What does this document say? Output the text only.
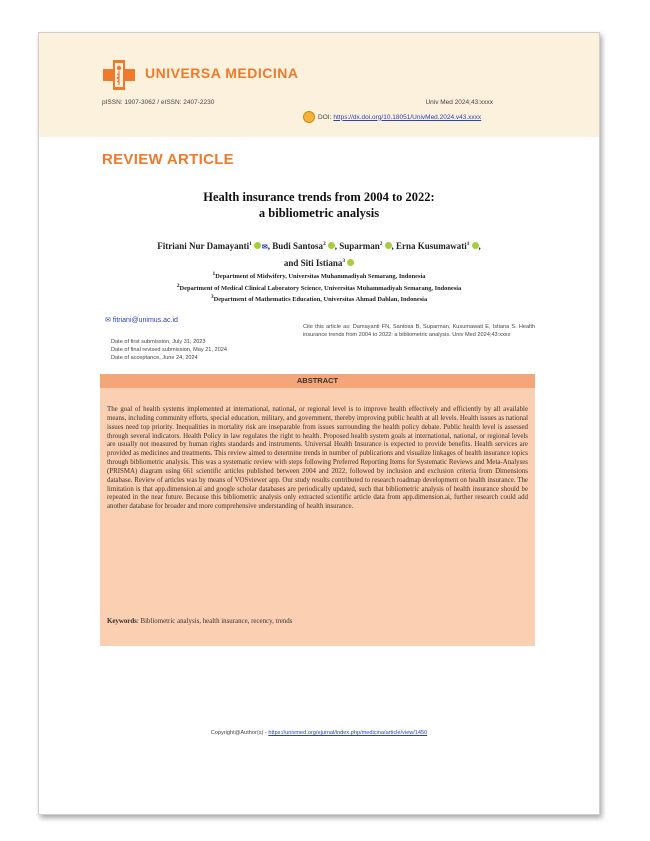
UNIVERSA MEDICINA
pISSN: 1907-3062 / eISSN: 2407-2230	Univ Med 2024;43:xxxx
DOI: https://dx.doi.org/10.18051/UnivMed.2024.v43.xxxx
REVIEW ARTICLE
Health insurance trends from 2004 to 2022:
a bibliometric analysis
Fitriani Nur Damayanti$^1$ ✉, Budi Santosa$^2$ , Suparman$^2$ , Erna Kusumawati$^1$ ,
and Siti Istiana$^3$
$^1$Department of Midwifery, Universitas Muhammadiyah Semarang, Indonesia
$^2$Department of Medical Clinical Laboratory Science, Universitas Muhammadiyah Semarang, Indonesia
$^3$Department of Mathematics Education, Universitas Ahmad Dahlan, Indonesia
✉ fitriani@unimus.ac.id
Date of first submission, July 31, 2023
Date of final revised submission, May 21, 2024
Date of acceptance, June 24, 2024
Cite this article as: Damayanti FN, Santosa B, Suparman, Kusumawati E, Istiana S. Health insurance trends from 2004 to 2022: a bibliometric analysis. Univ Med 2024;43:xxxx
ABSTRACT
The goal of health systems implemented at international, national, or regional level is to improve health effectively and efficiently by all available means, including community efforts, special education, military, and government, thereby improving public health at all levels. Health issues as national issues need top priority. Inequalities in mortality risk are inseparable from issues surrounding the health policy debate. Public health level is assessed through several indicators. Health Policy in law regulates the right to health. Proposed health system goals at international, national, or regional levels are usually not measured by human rights standards and instruments. Universal Health Insurance is expected to provide benefits. Health services are provided as medicines and treatments. This review aimed to determine trends in number of publications and visualize linkages of health insurance topics through bibliometric analysis. This was a systematic review with steps following Preferred Reporting Items for Systematic Reviews and Meta-Analyses (PRISMA) diagram using 661 scientific articles published between 2004 and 2022, followed by inclusion and exclusion criteria from Dimensions database. Review of articles was by means of VOSviewer app. Our study results contributed to research roadmap development on health insurance. The limitation is that app.dimension.ai and google scholar databases are periodically updated, such that bibliometric analysis of health insurance should be repeated in the near future. Because this bibliometric analysis only extracted scientific article data from app.dimension.ai, further research could add another database for broader and more comprehensive understanding of health insurance.
Keywords: Bibliometric analysis, health insurance, recency, trends
Copyright@Author(s) - https://univmed.org/ejurnal/index.php/medicina/article/view/1450
